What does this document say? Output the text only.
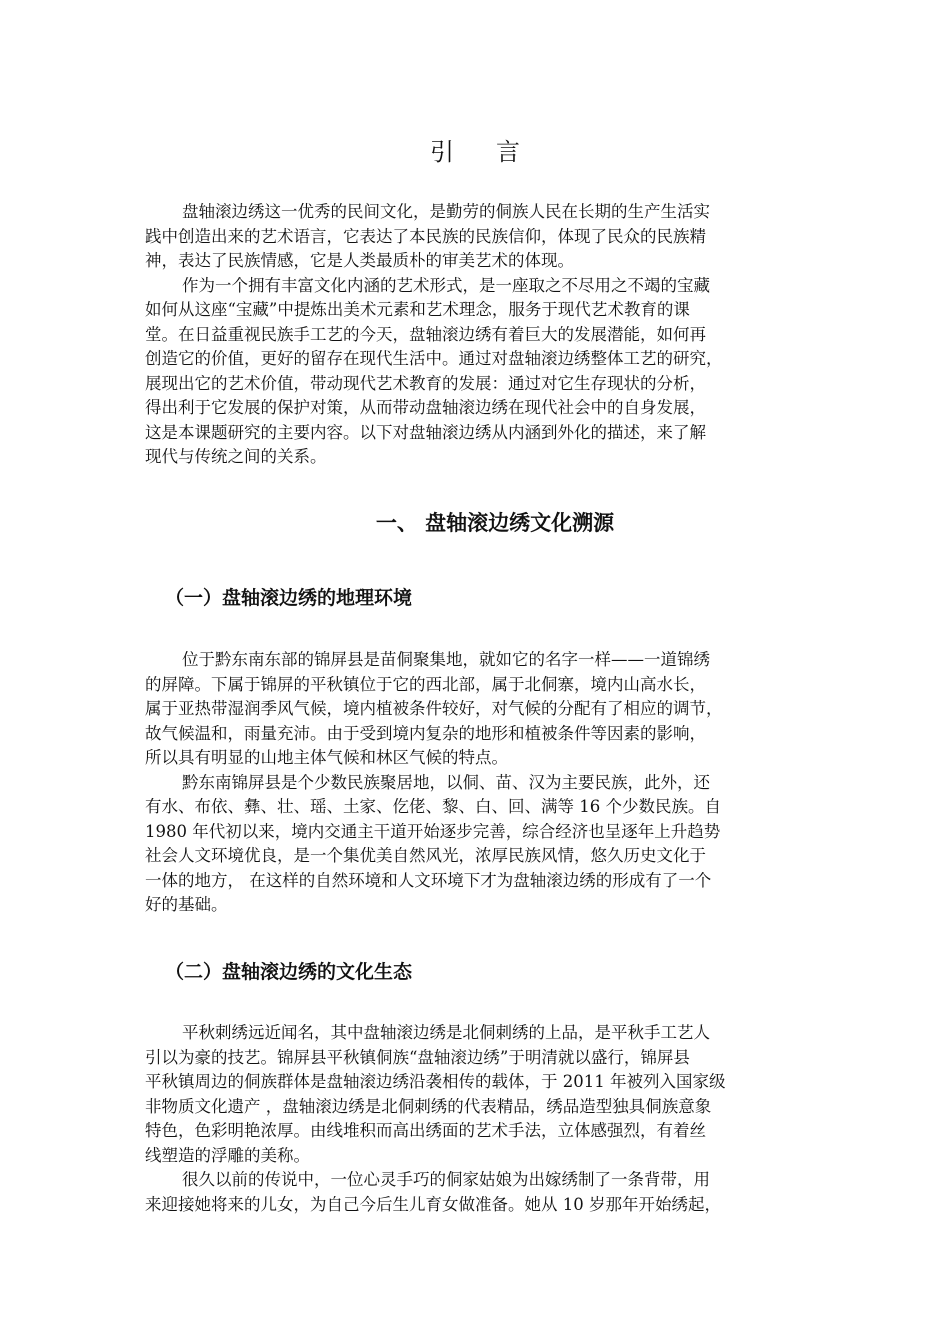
引言
盘轴滚边绣这一优秀的民间文化，是勤劳的侗族人民在长期的生产生活实
践中创造出来的艺术语言，它表达了本民族的民族信仰，体现了民众的民族精
神，表达了民族情感，它是人类最质朴的审美艺术的体现。
作为一个拥有丰富文化内涵的艺术形式，是一座取之不尽用之不竭的宝藏
如何从这座“宝藏”中提炼出美术元素和艺术理念，服务于现代艺术教育的课
堂。在日益重视民族手工艺的今天，盘轴滚边绣有着巨大的发展潜能，如何再
创造它的价值，更好的留存在现代生活中。通过对盘轴滚边绣整体工艺的研究，
展现出它的艺术价值，带动现代艺术教育的发展：通过对它生存现状的分析，
得出利于它发展的保护对策，从而带动盘轴滚边绣在现代社会中的自身发展，
这是本课题研究的主要内容。以下对盘轴滚边绣从内涵到外化的描述，来了解
现代与传统之间的关系。
一、 盘轴滚边绣文化溯源
（一）盘轴滚边绣的地理环境
位于黔东南东部的锦屏县是苗侗聚集地，就如它的名字一样——一道锦绣
的屏障。下属于锦屏的平秋镇位于它的西北部，属于北侗寨，境内山高水长，
属于亚热带湿润季风气候，境内植被条件较好，对气候的分配有了相应的调节，
故气候温和，雨量充沛。由于受到境内复杂的地形和植被条件等因素的影响，
所以具有明显的山地主体气候和林区气候的特点。
黔东南锦屏县是个少数民族聚居地，以侗、苗、汉为主要民族，此外，还
有水、布依、彝、壮、瑶、土家、仡佬、黎、白、回、满等 16 个少数民族。自
1980 年代初以来，境内交通主干道开始逐步完善，综合经济也呈逐年上升趋势
社会人文环境优良，是一个集优美自然风光，浓厚民族风情，悠久历史文化于
一体的地方， 在这样的自然环境和人文环境下才为盘轴滚边绣的形成有了一个
好的基础。
（二）盘轴滚边绣的文化生态
平秋刺绣远近闻名，其中盘轴滚边绣是北侗刺绣的上品，是平秋手工艺人
引以为豪的技艺。锦屏县平秋镇侗族“盘轴滚边绣”于明清就以盛行，锦屏县
平秋镇周边的侗族群体是盘轴滚边绣沿袭相传的载体，于 2011 年被列入国家级
非物质文化遗产 ，盘轴滚边绣是北侗刺绣的代表精品，绣品造型独具侗族意象
特色，色彩明艳浓厚。由线堆积而高出绣面的艺术手法，立体感强烈，有着丝
线塑造的浮雕的美称。
很久以前的传说中，一位心灵手巧的侗家姑娘为出嫁绣制了一条背带，用
来迎接她将来的儿女，为自己今后生儿育女做准备。她从 10 岁那年开始绣起，
